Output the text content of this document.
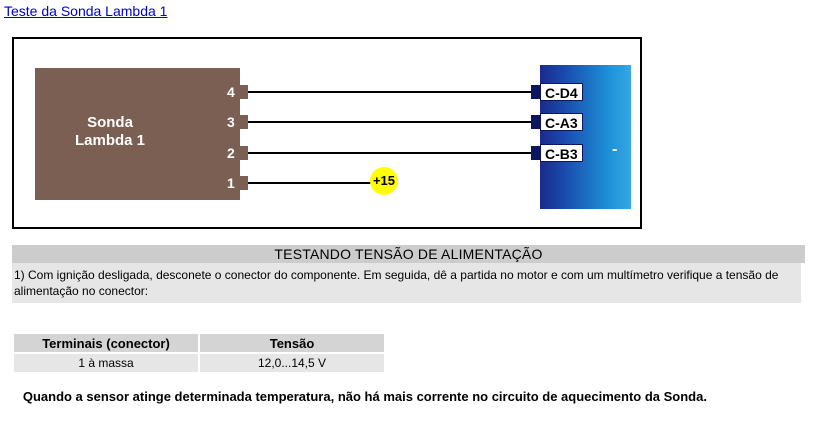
Teste da Sonda Lambda 1
Sonda
Lambda 1
4
3
2
1	+15
-
C-D4
C-A3
C-B3
TESTANDO TENSÃO DE ALIMENTAÇÃO
1) Com ignição desligada, desconete o conector do componente. Em seguida, dê a partida no motor e com um multímetro verifique a tensão de alimentação no conector:
Terminais (conector)	Tensão
1 à massa	12,0...14,5 V
Quando a sensor atinge determinada temperatura, não há mais corrente no circuito de aquecimento da Sonda.
